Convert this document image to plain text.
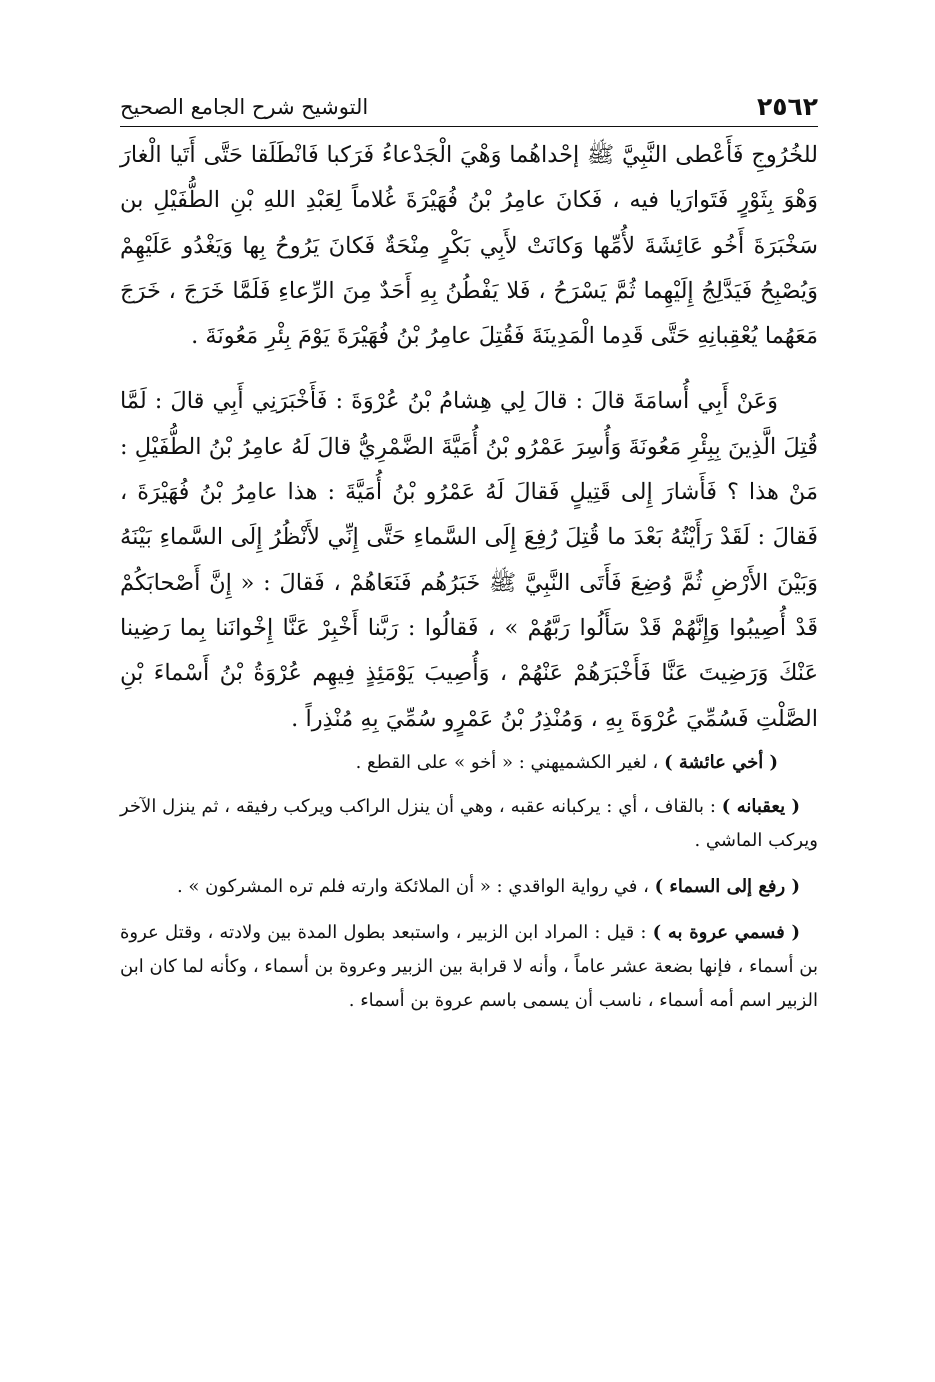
٢٥٦٢
التوشيح شرح الجامع الصحيح

للخُرُوجِ فَأَعْطى النَّبِيَّ ﷺ إحْداهُما وَهْيَ الْجَدْعاءُ فَرَكبا فَانْطَلَقا حَتَّى أَتَيا الْغارَ وَهْوَ بِثَوْرٍ فَتَوارَيا فيه ، فَكانَ عامِرُ بْنُ فُهَيْرَةَ غُلاماً لِعَبْدِ اللهِ بْنِ الطُّفَيْلِ بن سَخْبَرَةَ أَخُو عَائِشَةَ لأُمِّها وَكانَتْ لأَبِي بَكْرٍ مِنْحَةٌ فَكانَ يَرُوحُ بِها وَيَغْدُو عَلَيْهِمْ وَيُصْبِحُ فَيَدَّلِجُ إِلَيْهِما ثُمَّ يَسْرَحُ ، فَلا يَفْطُنُ بِهِ أَحَدٌ مِنَ الرِّعاءِ فَلَمَّا خَرَجَ ، خَرَجَ مَعَهُما يُعْقِبانِهِ حَتَّى قَدِما الْمَدِينَةَ فَقُتِلَ عامِرُ بْنُ فُهَيْرَةَ يَوْمَ بِئْرِ مَعُونَةَ .

وَعَنْ أَبِي أُسامَةَ قالَ : قالَ لِي هِشامُ بْنُ عُرْوَةَ : فَأَخْبَرَنِي أَبِي قالَ : لَمَّا قُتِلَ الَّذِينَ بِبِئْرِ مَعُونَةَ وَأُسِرَ عَمْرُو بْنُ أُمَيَّةَ الضَّمْرِيُّ قالَ لَهُ عامِرُ بْنُ الطُّفَيْلِ : مَنْ هذا ؟ فَأَشارَ إِلى قَتِيلٍ فَقالَ لَهُ عَمْرُو بْنُ أُمَيَّةَ : هذا عامِرُ بْنُ فُهَيْرَةَ ، فَقالَ : لَقَدْ رَأَيْتُهُ بَعْدَ ما قُتِلَ رُفِعَ إِلَى السَّماءِ حَتَّى إِنِّي لأَنْظُرُ إِلَى السَّماءِ بَيْنَهُ وَبَيْنَ الأَرْضِ ثُمَّ وُضِعَ فَأَتَى النَّبِيَّ ﷺ خَبَرُهُم فَنَعَاهُمْ ، فَقالَ : « إِنَّ أَصْحابَكُمْ قَدْ أُصِيبُوا وَإِنَّهُمْ قَدْ سَأَلُوا رَبَّهُمْ » ، فَقالُوا : رَبَّنا أَخْبِرْ عَنَّا إِخْوانَنا بِما رَضِينا عَنْكَ وَرَضِيتَ عَنَّا فَأَخْبَرَهُمْ عَنْهُمْ ، وَأُصِيبَ يَوْمَئِذٍ فِيهِم عُرْوَةُ بْنُ أَسْماءَ بْنِ الصَّلْتِ فَسُمِّيَ عُرْوَةَ بِهِ ، وَمُنْذِرُ بْنُ عَمْرٍو سُمِّيَ بِهِ مُنْذِراً .

( أخي عائشة ) ، لغير الكشميهني : « أخو » على القطع .

( يعقبانه ) : بالقاف ، أي : يركبانه عقبه ، وهي أن ينزل الراكب ويركب رفيقه ، ثم ينزل الآخر ويركب الماشي .

( رفع إلى السماء ) ، في رواية الواقدي : « أن الملائكة وارته فلم تره المشركون » .

( فسمي عروة به ) : قيل : المراد ابن الزبير ، واستبعد بطول المدة بين ولادته ، وقتل عروة بن أسماء ، فإنها بضعة عشر عاماً ، وأنه لا قرابة بين الزبير وعروة بن أسماء ، وكأنه لما كان ابن الزبير اسم أمه أسماء ، ناسب أن يسمى باسم عروة بن أسماء .
